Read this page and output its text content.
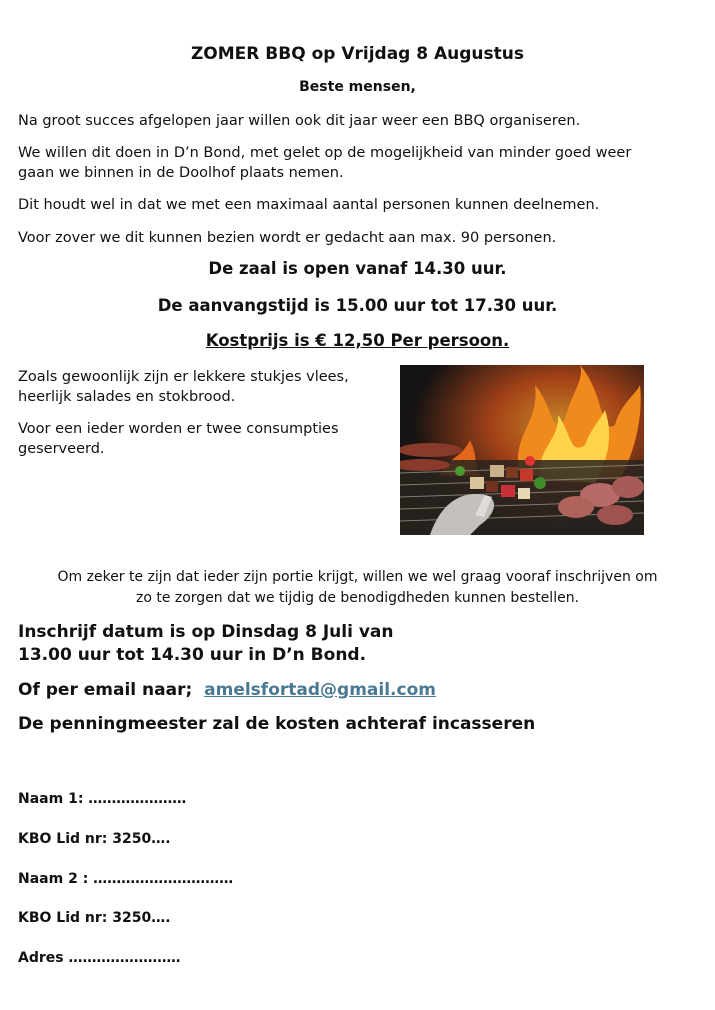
ZOMER BBQ op Vrijdag 8 Augustus
Beste mensen,
Na groot succes afgelopen jaar willen ook dit jaar weer een BBQ organiseren.
We willen dit doen in D’n Bond, met gelet op de mogelijkheid van minder goed weer
gaan we binnen in de Doolhof plaats nemen.
Dit houdt wel in dat we met een maximaal aantal personen kunnen deelnemen.
Voor zover we dit kunnen bezien wordt er gedacht aan max. 90 personen.
De zaal is open vanaf 14.30 uur.
De aanvangstijd is 15.00 uur tot 17.30 uur.
Kostprijs is € 12,50 Per persoon.
Zoals gewoonlijk zijn er lekkere stukjes vlees,
heerlijk salades en stokbrood.
Voor een ieder worden er twee consumpties
geserveerd.
Om zeker te zijn dat ieder zijn portie krijgt, willen we wel graag vooraf inschrijven om
zo te zorgen dat we tijdig de benodigdheden kunnen bestellen.
Inschrijf datum is op Dinsdag 8 Juli van
13.00 uur tot 14.30 uur in D’n Bond.
Of per email naar; amelsfortad@gmail.com
De penningmeester zal de kosten achteraf incasseren
Naam 1: …………………
KBO Lid nr: 3250….
Naam 2 : …………………………
KBO Lid nr: 3250….
Adres ……………………
